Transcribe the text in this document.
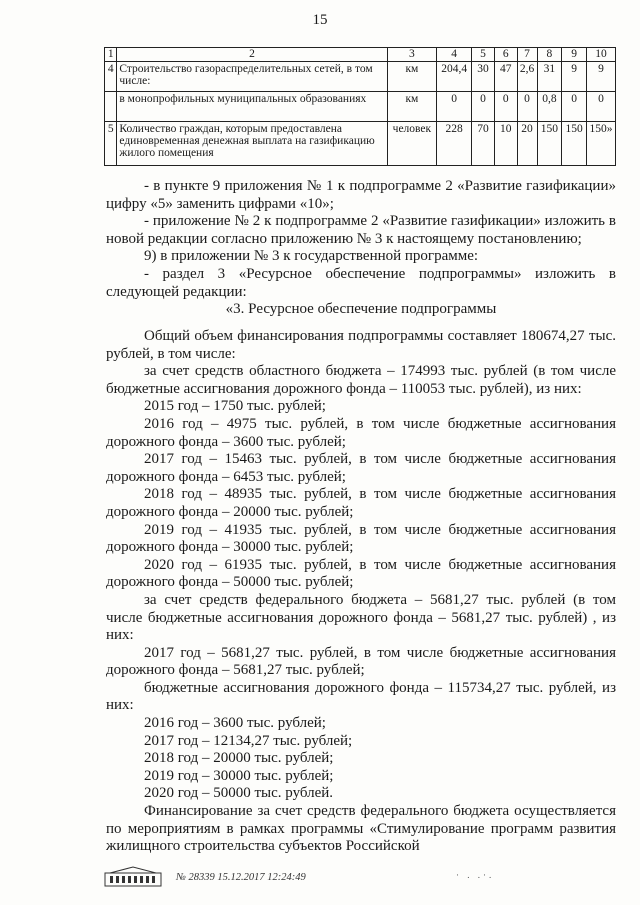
15
1	2	3	4	5	6	7	8	9	10
4	Строительство газораспределительных сетей, в том числе:	км	204,4	30	47	2,6	31	9	9
	в монопрофильных муниципальных образованиях	км	0	0	0	0	0,8	0	0
5	Количество граждан, которым предоставлена единовременная денежная выплата на газификацию жилого помещения	человек	228	70	10	20	150	150	150»

- в пункте 9 приложения № 1 к подпрограмме 2 «Развитие газификации» цифру «5» заменить цифрами «10»;

- приложение № 2 к подпрограмме 2 «Развитие газификации» изложить в новой редакции согласно приложению № 3 к настоящему постановлению;

9) в приложении № 3 к государственной программе:

- раздел 3 «Ресурсное обеспечение подпрограммы» изложить в следующей редакции:

«3. Ресурсное обеспечение подпрограммы

Общий объем финансирования подпрограммы составляет 180674,27 тыс. рублей, в том числе:

за счет средств областного бюджета – 174993 тыс. рублей (в том числе бюджетные ассигнования дорожного фонда – 110053 тыс. рублей), из них:

2015 год – 1750 тыс. рублей;

2016 год – 4975 тыс. рублей, в том числе бюджетные ассигнования дорожного фонда – 3600 тыс. рублей;

2017 год – 15463 тыс. рублей, в том числе бюджетные ассигнования дорожного фонда – 6453 тыс. рублей;

2018 год – 48935 тыс. рублей, в том числе бюджетные ассигнования дорожного фонда – 20000 тыс. рублей;

2019 год – 41935 тыс. рублей, в том числе бюджетные ассигнования дорожного фонда – 30000 тыс. рублей;

2020 год – 61935 тыс. рублей, в том числе бюджетные ассигнования дорожного фонда – 50000 тыс. рублей;

за счет средств федерального бюджета – 5681,27 тыс. рублей (в том числе бюджетные ассигнования дорожного фонда – 5681,27 тыс. рублей) , из них:

2017 год – 5681,27 тыс. рублей, в том числе бюджетные ассигнования дорожного фонда – 5681,27 тыс. рублей;

бюджетные ассигнования дорожного фонда – 115734,27 тыс. рублей, из них:

2016 год – 3600 тыс. рублей;

2017 год – 12134,27 тыс. рублей;

2018 год – 20000 тыс. рублей;

2019 год – 30000 тыс. рублей;

2020 год – 50000 тыс. рублей.

Финансирование за счет средств федерального бюджета осуществляется по мероприятиям в рамках программы «Стимулирование программ развития жилищного строительства субъектов Российской

№ 28339 15.12.2017 12:24:49	· . .·.
